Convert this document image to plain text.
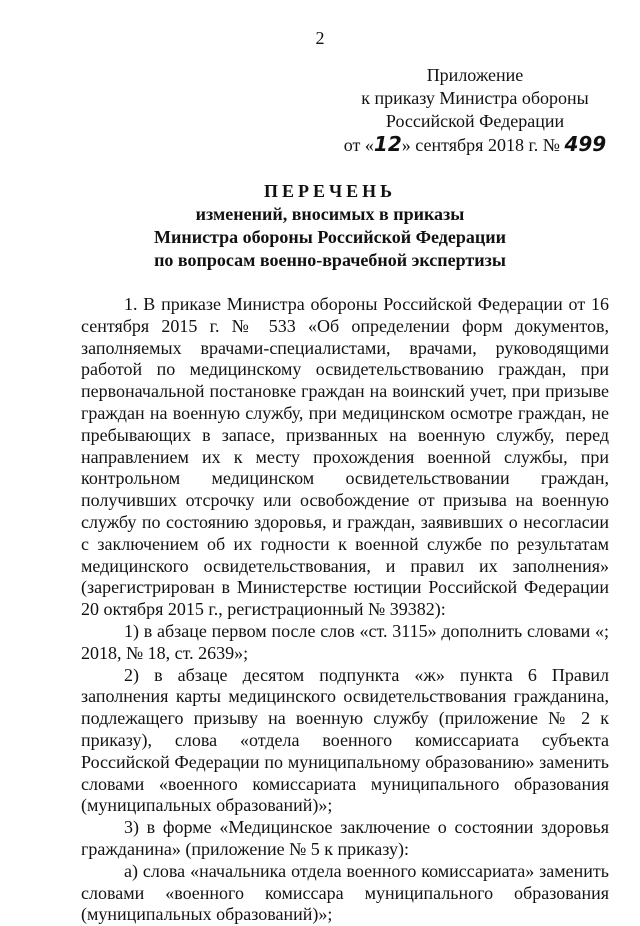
2
Приложение
к приказу Министра обороны
Российской Федерации
от «12» сентября 2018 г. № 499
ПЕРЕЧЕНЬ
изменений, вносимых в приказы
Министра обороны Российской Федерации
по вопросам военно-врачебной экспертизы

1. В приказе Министра обороны Российской Федерации от 16 сентября 2015 г. № 533 «Об определении форм документов, заполняемых врачами-специалистами, врачами, руководящими работой по медицинскому освидетельствованию граждан, при первоначальной постановке граждан на воинский учет, при призыве граждан на военную службу, при медицинском осмотре граждан, не пребывающих в запасе, призванных на военную службу, перед направлением их к месту прохождения военной службы, при контрольном медицинском освидетельствовании граждан, получивших отсрочку или освобождение от призыва на военную службу по состоянию здоровья, и граждан, заявивших о несогласии с заключением об их годности к военной службе по результатам медицинского освидетельствования, и правил их заполнения» (зарегистрирован в Министерстве юстиции Российской Федерации 20 октября 2015 г., регистрационный № 39382):

1) в абзаце первом после слов «ст. 3115» дополнить словами «; 2018, № 18, ст. 2639»;

2) в абзаце десятом подпункта «ж» пункта 6 Правил заполнения карты медицинского освидетельствования гражданина, подлежащего призыву на военную службу (приложение № 2 к приказу), слова «отдела военного комиссариата субъекта Российской Федерации по муниципальному образованию» заменить словами «военного комиссариата муниципального образования (муниципальных образований)»;

3) в форме «Медицинское заключение о состоянии здоровья гражданина» (приложение № 5 к приказу):

а) слова «начальника отдела военного комиссариата» заменить словами «военного комиссара муниципального образования (муниципальных образований)»;
